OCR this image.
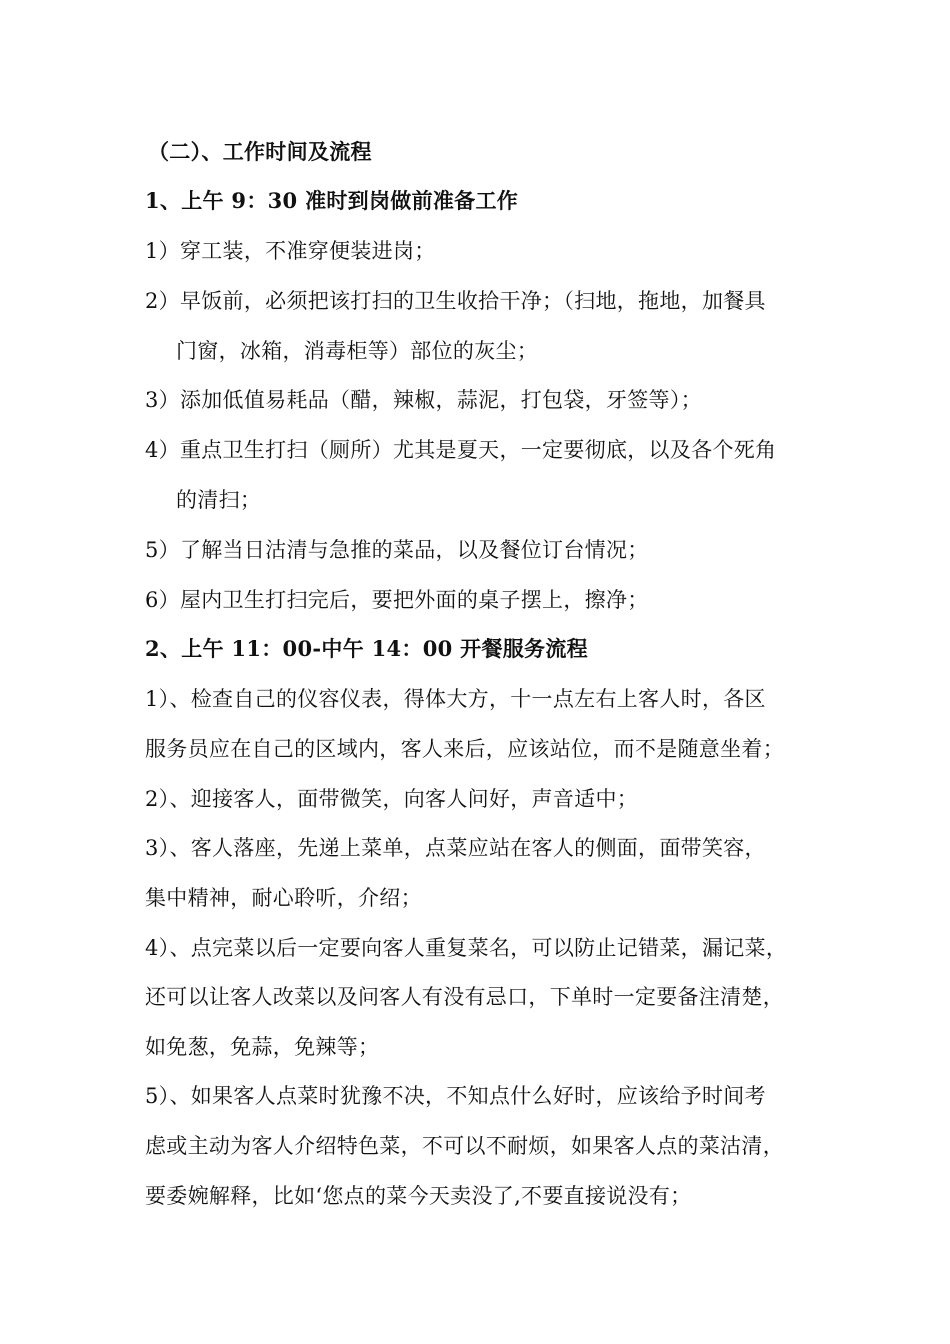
（二）、工作时间及流程
1、上午 9：30 准时到岗做前准备工作
1）穿工装，不准穿便装进岗；
2）早饭前，必须把该打扫的卫生收拾干净；（扫地，拖地，加餐具
门窗，冰箱，消毒柜等）部位的灰尘；
3）添加低值易耗品（醋，辣椒，蒜泥，打包袋，牙签等）；
4）重点卫生打扫（厕所）尤其是夏天，一定要彻底，以及各个死角
的清扫；
5）了解当日沽清与急推的菜品，以及餐位订台情况；
6）屋内卫生打扫完后，要把外面的桌子摆上，擦净；
2、上午 11：00-中午 14：00 开餐服务流程
1）、检查自己的仪容仪表，得体大方，十一点左右上客人时，各区
服务员应在自己的区域内，客人来后，应该站位，而不是随意坐着；
2）、迎接客人，面带微笑，向客人问好，声音适中；
3）、客人落座，先递上菜单，点菜应站在客人的侧面，面带笑容，
集中精神，耐心聆听，介绍；
4）、点完菜以后一定要向客人重复菜名，可以防止记错菜，漏记菜，
还可以让客人改菜以及问客人有没有忌口，下单时一定要备注清楚，
如免葱，免蒜，免辣等；
5）、如果客人点菜时犹豫不决，不知点什么好时，应该给予时间考
虑或主动为客人介绍特色菜，不可以不耐烦，如果客人点的菜沽清，
要委婉解释，比如‘您点的菜今天卖没了,不要直接说没有；
